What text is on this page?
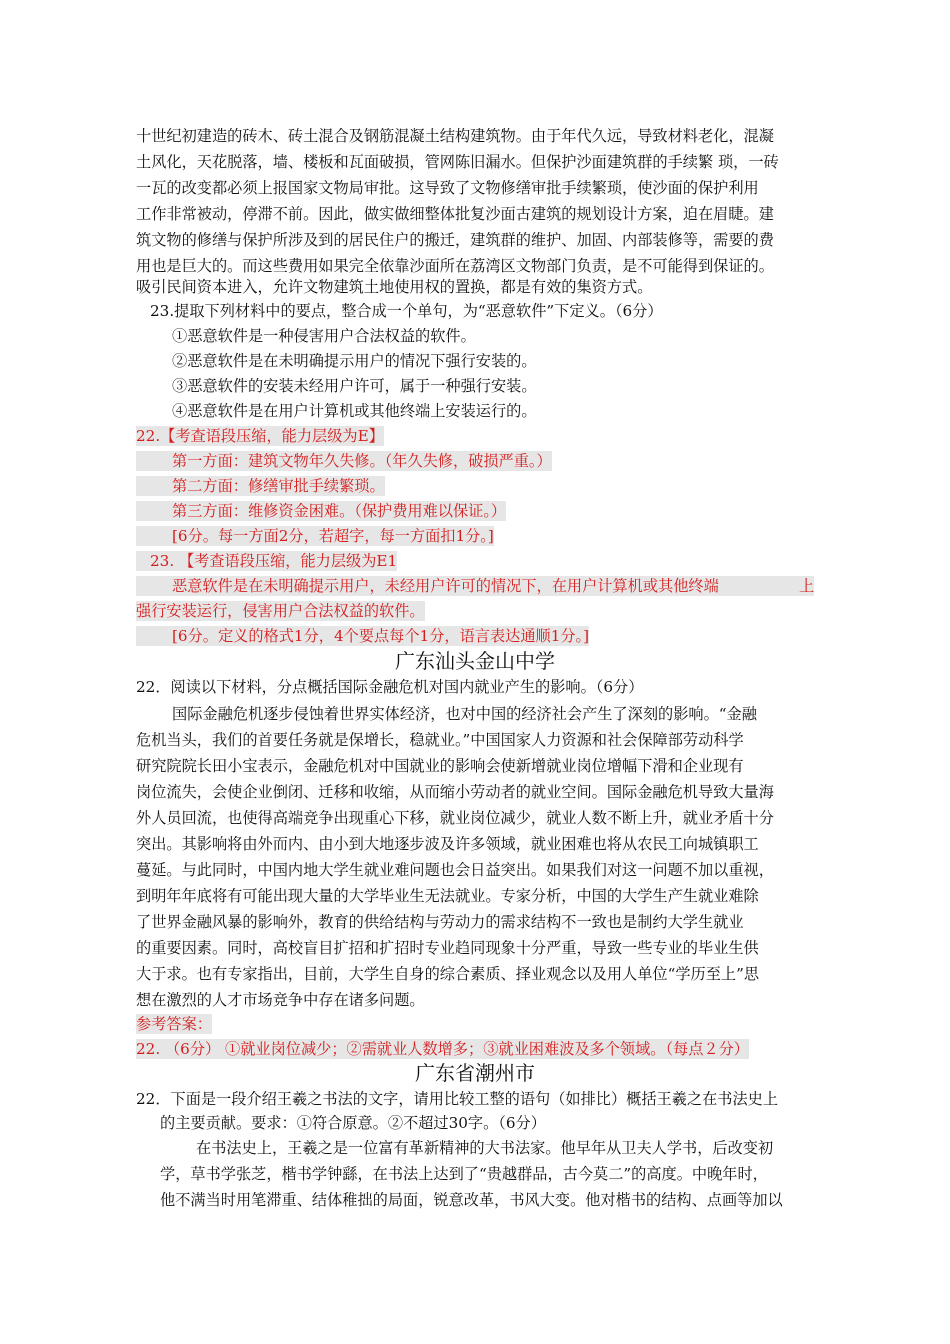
十世纪初建造的砖木、砖土混合及钢筋混凝土结构建筑物。由于年代久远，导致材料老化，混凝
土风化，天花脱落，墙、楼板和瓦面破损，管网陈旧漏水。但保护沙面建筑群的手续繁 琐，一砖
一瓦的改变都必须上报国家文物局审批。这导致了文物修缮审批手续繁琐，使沙面的保护利用
工作非常被动，停滞不前。因此，做实做细整体批复沙面古建筑的规划设计方案，迫在眉睫。建
筑文物的修缮与保护所涉及到的居民住户的搬迁，建筑群的维护、加固、内部装修等，需要的费
用也是巨大的。而这些费用如果完全依靠沙面所在荔湾区文物部门负责，是不可能得到保证的。
吸引民间资本进入，允许文物建筑土地使用权的置换，都是有效的集资方式。
23.提取下列材料中的要点，整合成一个单句，为“恶意软件”下定义。（6分）
①恶意软件是一种侵害用户合法权益的软件。
②恶意软件是在未明确提示用户的情况下强行安装的。
③恶意软件的安装未经用户许可，属于一种强行安装。
④恶意软件是在用户计算机或其他终端上安装运行的。
22.【考查语段压缩，能力层级为E】
第一方面：建筑文物年久失修。（年久失修，破损严重。）
第二方面：修缮审批手续繁琐。
第三方面：维修资金困难。（保护费用难以保证。）
[6分。每一方面2分，若超字，每一方面扣1分。]
23. 【考查语段压缩，能力层级为E1
恶意软件是在未明确提示用户，未经用户许可的情况下，在用户计算机或其他终端	上
强行安装运行，侵害用户合法权益的软件。
[6分。定义的格式1分，4个要点每个1分，语言表达通顺1分。]
广东汕头金山中学
22．阅读以下材料，分点概括国际金融危机对国内就业产生的影响。（6分）
国际金融危机逐步侵蚀着世界实体经济，也对中国的经济社会产生了深刻的影响。“金融
危机当头，我们的首要任务就是保增长，稳就业。”中国国家人力资源和社会保障部劳动科学
研究院院长田小宝表示，金融危机对中国就业的影响会使新增就业岗位增幅下滑和企业现有
岗位流失，会使企业倒闭、迁移和收缩，从而缩小劳动者的就业空间。国际金融危机导致大量海
外人员回流，也使得高端竞争出现重心下移，就业岗位减少，就业人数不断上升，就业矛盾十分
突出。其影响将由外而内、由小到大地逐步波及许多领域，就业困难也将从农民工向城镇职工
蔓延。与此同时，中国内地大学生就业难问题也会日益突出。如果我们对这一问题不加以重视，
到明年年底将有可能出现大量的大学毕业生无法就业。专家分析，中国的大学生产生就业难除
了世界金融风暴的影响外，教育的供给结构与劳动力的需求结构不一致也是制约大学生就业
的重要因素。同时，高校盲目扩招和扩招时专业趋同现象十分严重，导致一些专业的毕业生供
大于求。也有专家指出，目前，大学生自身的综合素质、择业观念以及用人单位“学历至上”思
想在激烈的人才市场竞争中存在诸多问题。
参考答案：
22. （6分） ①就业岗位减少；②需就业人数增多；③就业困难波及多个领域。（每点２分）
广东省潮州市
22．下面是一段介绍王羲之书法的文字，请用比较工整的语句（如排比）概括王羲之在书法史上
的主要贡献。要求：①符合原意。②不超过30字。（6分）
在书法史上，王羲之是一位富有革新精神的大书法家。他早年从卫夫人学书，后改变初
学，草书学张芝，楷书学钟繇，在书法上达到了“贵越群品，古今莫二”的高度。中晚年时，
他不满当时用笔滞重、结体稚拙的局面，锐意改革，书风大变。他对楷书的结构、点画等加以
